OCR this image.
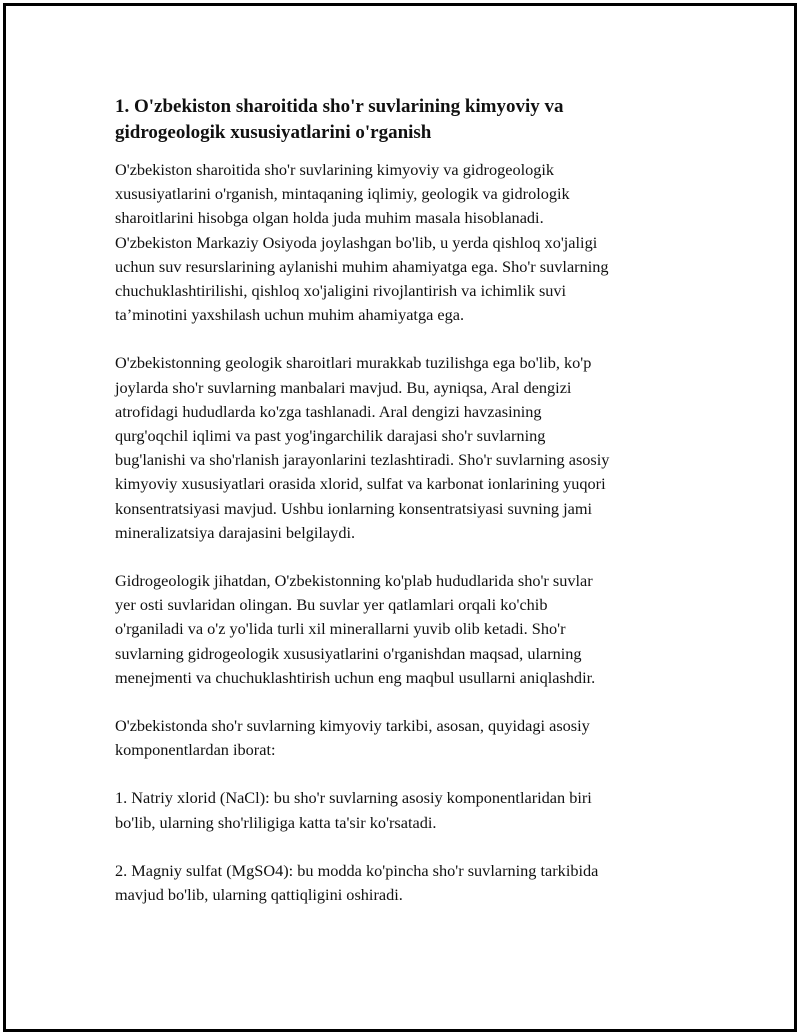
1. O'zbekiston sharoitida sho'r suvlarining kimyoviy va
gidrogeologik xususiyatlarini o'rganish

O'zbekiston sharoitida sho'r suvlarining kimyoviy va gidrogeologik
xususiyatlarini o'rganish, mintaqaning iqlimiy, geologik va gidrologik
sharoitlarini hisobga olgan holda juda muhim masala hisoblanadi.
O'zbekiston Markaziy Osiyoda joylashgan bo'lib, u yerda qishloq xo'jaligi
uchun suv resurslarining aylanishi muhim ahamiyatga ega. Sho'r suvlarning
chuchuklashtirilishi, qishloq xo'jaligini rivojlantirish va ichimlik suvi
ta’minotini yaxshilash uchun muhim ahamiyatga ega.

O'zbekistonning geologik sharoitlari murakkab tuzilishga ega bo'lib, ko'p
joylarda sho'r suvlarning manbalari mavjud. Bu, ayniqsa, Aral dengizi
atrofidagi hududlarda ko'zga tashlanadi. Aral dengizi havzasining
qurg'oqchil iqlimi va past yog'ingarchilik darajasi sho'r suvlarning
bug'lanishi va sho'rlanish jarayonlarini tezlashtiradi. Sho'r suvlarning asosiy
kimyoviy xususiyatlari orasida xlorid, sulfat va karbonat ionlarining yuqori
konsentratsiyasi mavjud. Ushbu ionlarning konsentratsiyasi suvning jami
mineralizatsiya darajasini belgilaydi.

Gidrogeologik jihatdan, O'zbekistonning ko'plab hududlarida sho'r suvlar
yer osti suvlaridan olingan. Bu suvlar yer qatlamlari orqali ko'chib
o'rganiladi va o'z yo'lida turli xil minerallarni yuvib olib ketadi. Sho'r
suvlarning gidrogeologik xususiyatlarini o'rganishdan maqsad, ularning
menejmenti va chuchuklashtirish uchun eng maqbul usullarni aniqlashdir.

O'zbekistonda sho'r suvlarning kimyoviy tarkibi, asosan, quyidagi asosiy
komponentlardan iborat:

1. Natriy xlorid (NaCl): bu sho'r suvlarning asosiy komponentlaridan biri
bo'lib, ularning sho'rliligiga katta ta'sir ko'rsatadi.

2. Magniy sulfat (MgSO4): bu modda ko'pincha sho'r suvlarning tarkibida
mavjud bo'lib, ularning qattiqligini oshiradi.
